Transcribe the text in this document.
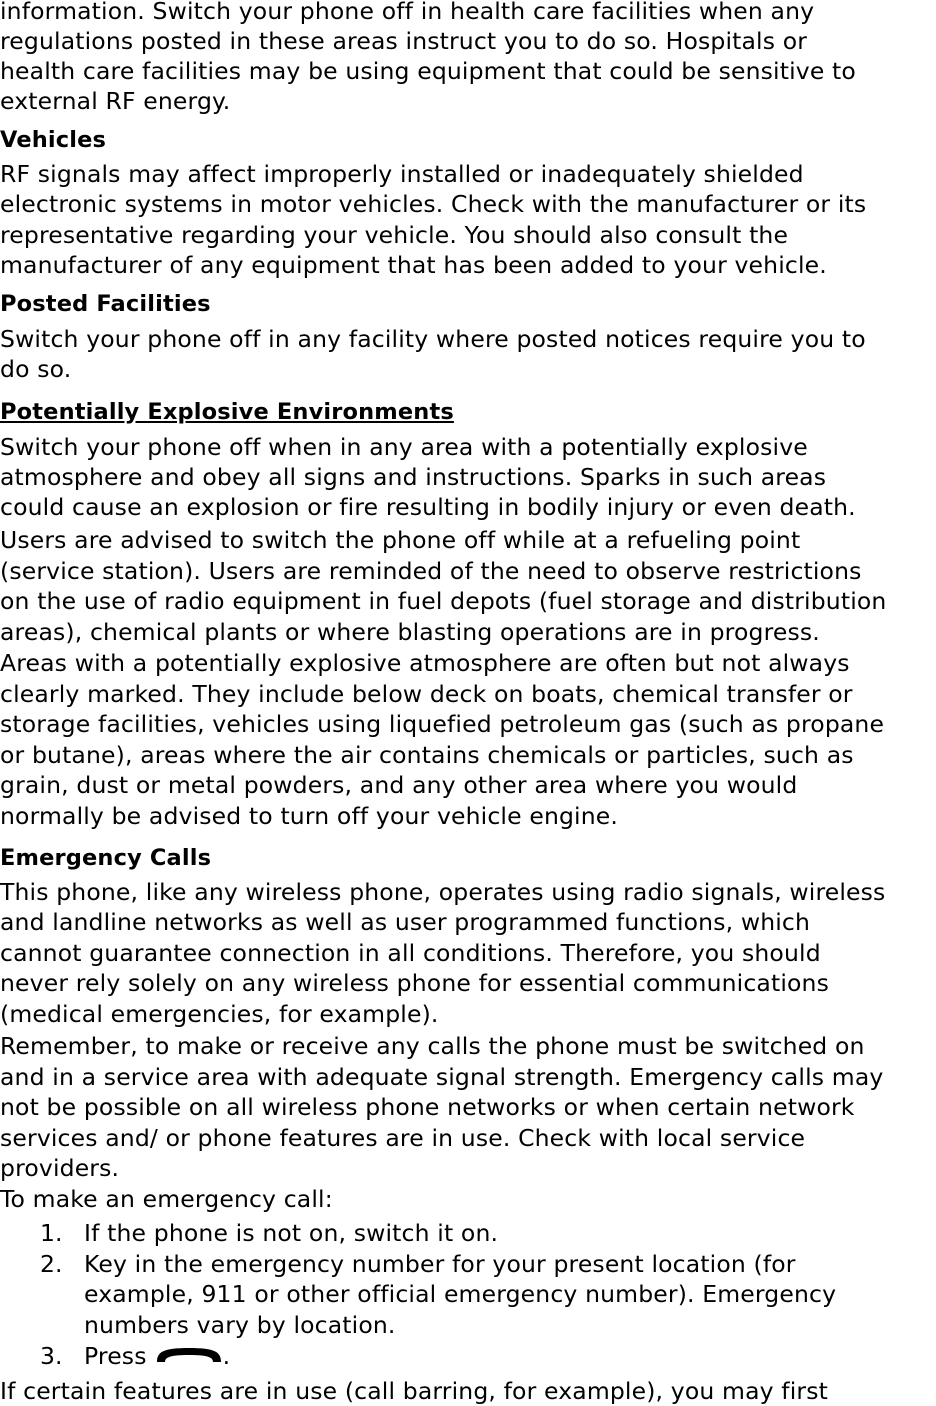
information. Switch your phone off in health care facilities when any
regulations posted in these areas instruct you to do so. Hospitals or
health care facilities may be using equipment that could be sensitive to
external RF energy.
Vehicles
RF signals may affect improperly installed or inadequately shielded
electronic systems in motor vehicles. Check with the manufacturer or its
representative regarding your vehicle. You should also consult the
manufacturer of any equipment that has been added to your vehicle.
Posted Facilities
Switch your phone off in any facility where posted notices require you to
do so.
Potentially Explosive Environments
Switch your phone off when in any area with a potentially explosive
atmosphere and obey all signs and instructions. Sparks in such areas
could cause an explosion or fire resulting in bodily injury or even death.
Users are advised to switch the phone off while at a refueling point
(service station). Users are reminded of the need to observe restrictions
on the use of radio equipment in fuel depots (fuel storage and distribution
areas), chemical plants or where blasting operations are in progress.
Areas with a potentially explosive atmosphere are often but not always
clearly marked. They include below deck on boats, chemical transfer or
storage facilities, vehicles using liquefied petroleum gas (such as propane
or butane), areas where the air contains chemicals or particles, such as
grain, dust or metal powders, and any other area where you would
normally be advised to turn off your vehicle engine.
Emergency Calls
This phone, like any wireless phone, operates using radio signals, wireless
and landline networks as well as user programmed functions, which
cannot guarantee connection in all conditions. Therefore, you should
never rely solely on any wireless phone for essential communications
(medical emergencies, for example).
Remember, to make or receive any calls the phone must be switched on
and in a service area with adequate signal strength. Emergency calls may
not be possible on all wireless phone networks or when certain network
services and/ or phone features are in use. Check with local service
providers.
To make an emergency call:
1. If the phone is not on, switch it on.
2. Key in the emergency number for your present location (for
example, 911 or other official emergency number). Emergency
numbers vary by location.
3. Press	.
If certain features are in use (call barring, for example), you may first
